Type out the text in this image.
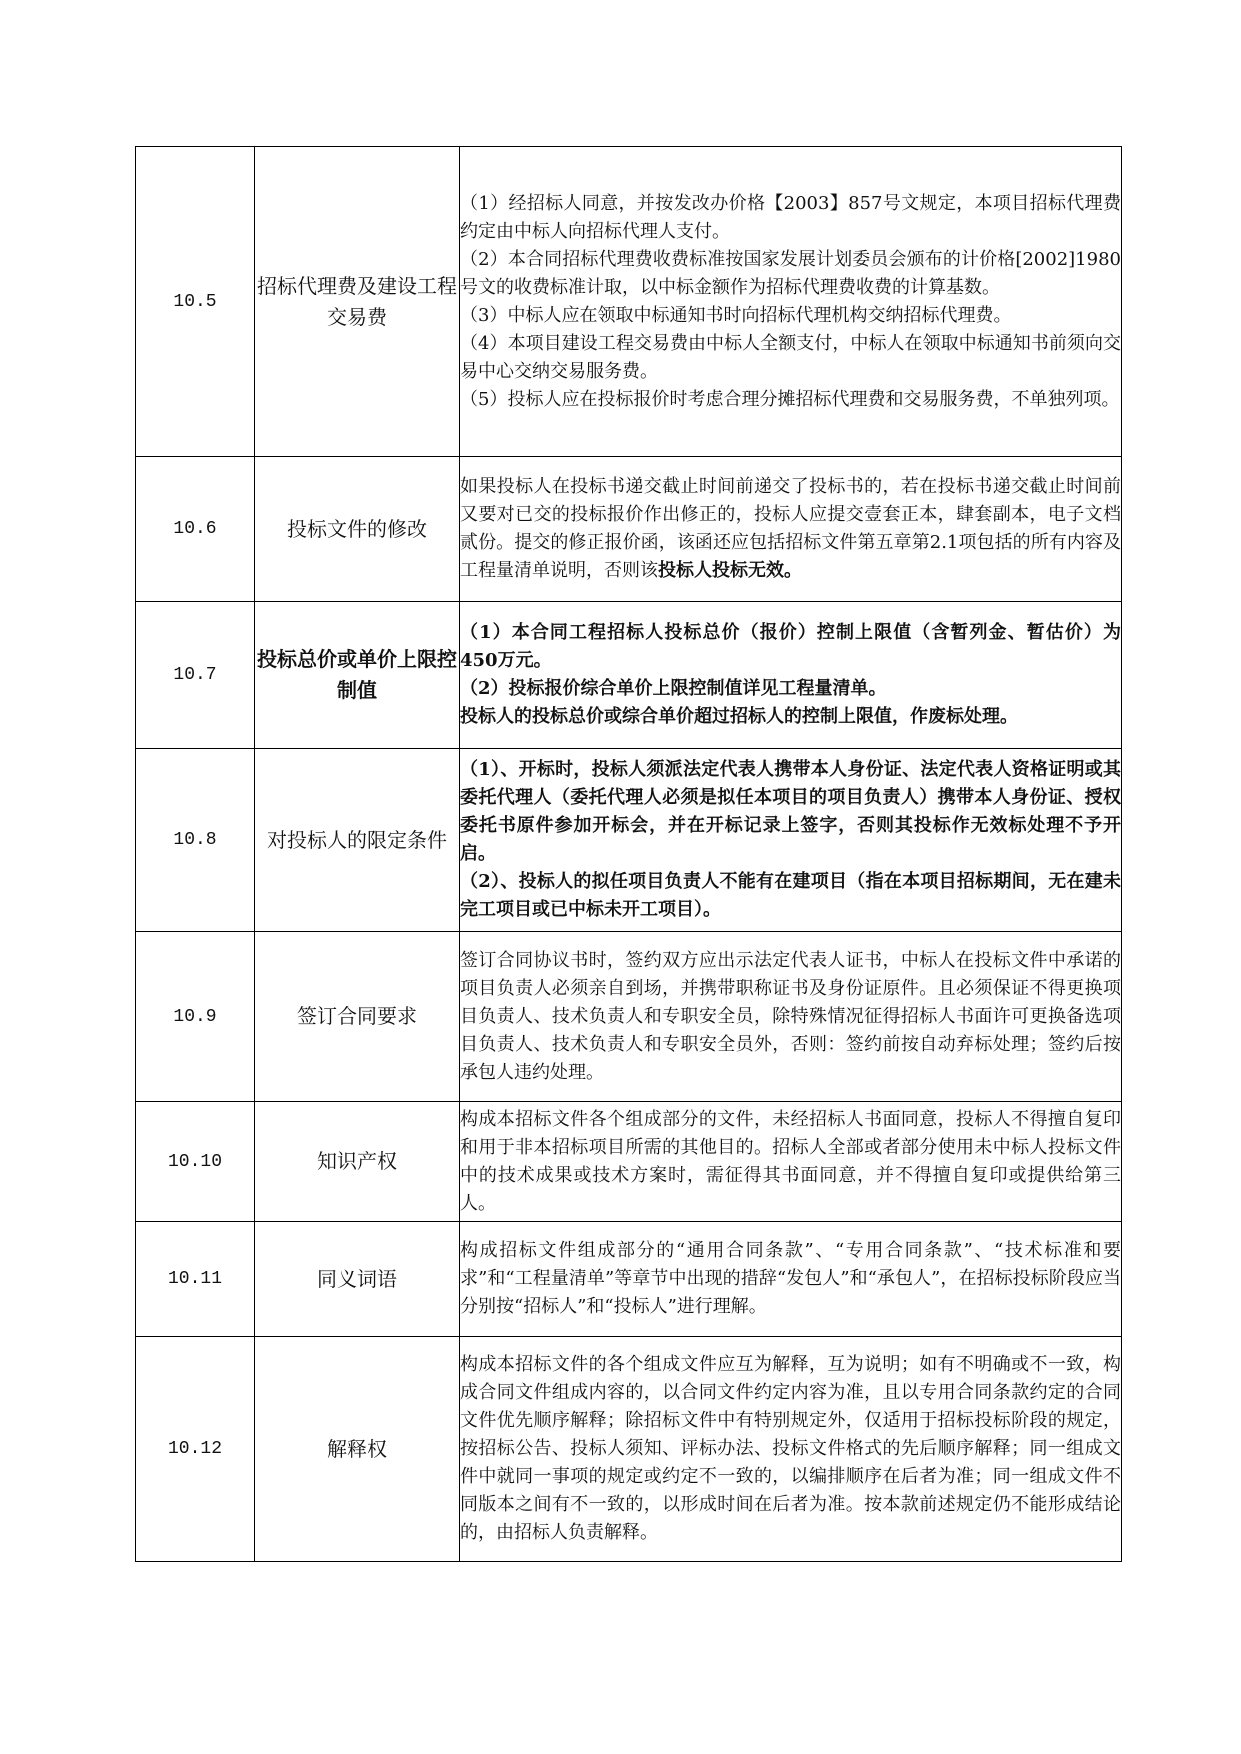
10.5	招标代理费及建设工程交易费	（1）经招标人同意，并按发改办价格【2003】857号文规定，本项目招标代理费约定由中标人向招标代理人支付。

（2）本合同招标代理费收费标准按国家发展计划委员会颁布的计价格[2002]1980号文的收费标准计取，以中标金额作为招标代理费收费的计算基数。

（3）中标人应在领取中标通知书时向招标代理机构交纳招标代理费。

（4）本项目建设工程交易费由中标人全额支付，中标人在领取中标通知书前须向交易中心交纳交易服务费。

（5）投标人应在投标报价时考虑合理分摊招标代理费和交易服务费，不单独列项。

10.6	投标文件的修改	如果投标人在投标书递交截止时间前递交了投标书的，若在投标书递交截止时间前又要对已交的投标报价作出修正的，投标人应提交壹套正本，肆套副本，电子文档贰份。提交的修正报价函，该函还应包括招标文件第五章第2.1项包括的所有内容及工程量清单说明，否则该投标人投标无效。

10.7	投标总价或单价上限控制值	（1）本合同工程招标人投标总价（报价）控制上限值（含暂列金、暂估价）为　450万元。

（2）投标报价综合单价上限控制值详见工程量清单。

投标人的投标总价或综合单价超过招标人的控制上限值，作废标处理。

10.8	对投标人的限定条件	（1）、开标时，投标人须派法定代表人携带本人身份证、法定代表人资格证明或其委托代理人（委托代理人必须是拟任本项目的项目负责人）携带本人身份证、授权委托书原件参加开标会，并在开标记录上签字，否则其投标作无效标处理不予开启。

（2）、投标人的拟任项目负责人不能有在建项目（指在本项目招标期间，无在建未完工项目或已中标未开工项目）。

10.9	签订合同要求	签订合同协议书时，签约双方应出示法定代表人证书，中标人在投标文件中承诺的项目负责人必须亲自到场，并携带职称证书及身份证原件。且必须保证不得更换项目负责人、技术负责人和专职安全员，除特殊情况征得招标人书面许可更换备选项目负责人、技术负责人和专职安全员外，否则：签约前按自动弃标处理；签约后按承包人违约处理。

10.10	知识产权	构成本招标文件各个组成部分的文件，未经招标人书面同意，投标人不得擅自复印和用于非本招标项目所需的其他目的。招标人全部或者部分使用未中标人投标文件中的技术成果或技术方案时，需征得其书面同意，并不得擅自复印或提供给第三人。

10.11	同义词语	构成招标文件组成部分的“通用合同条款”、“专用合同条款”、“技术标准和要求”和“工程量清单”等章节中出现的措辞“发包人”和“承包人”，在招标投标阶段应当分别按“招标人”和“投标人”进行理解。

10.12	解释权	构成本招标文件的各个组成文件应互为解释，互为说明；如有不明确或不一致，构成合同文件组成内容的，以合同文件约定内容为准，且以专用合同条款约定的合同文件优先顺序解释；除招标文件中有特别规定外，仅适用于招标投标阶段的规定，按招标公告、投标人须知、评标办法、投标文件格式的先后顺序解释；同一组成文件中就同一事项的规定或约定不一致的，以编排顺序在后者为准；同一组成文件不同版本之间有不一致的，以形成时间在后者为准。按本款前述规定仍不能形成结论的，由招标人负责解释。
